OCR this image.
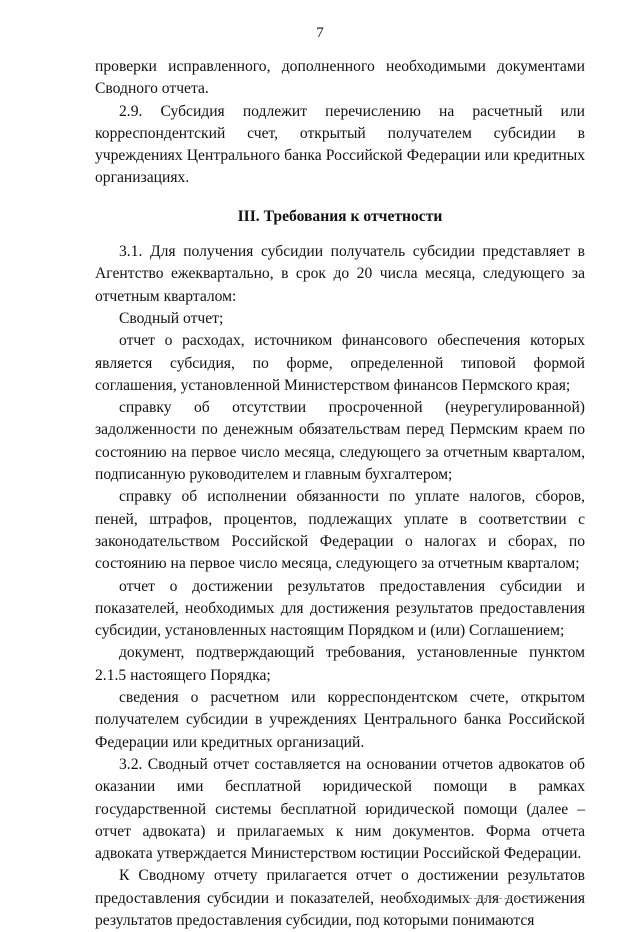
7

проверки исправленного, дополненного необходимыми документами Сводного отчета.

2.9. Субсидия подлежит перечислению на расчетный или корреспондентский счет, открытый получателем субсидии в учреждениях Центрального банка Российской Федерации или кредитных организациях.

III. Требования к отчетности

3.1. Для получения субсидии получатель субсидии представляет в Агентство ежеквартально, в срок до 20 числа месяца, следующего за отчетным кварталом:

Сводный отчет;

отчет о расходах, источником финансового обеспечения которых является субсидия, по форме, определенной типовой формой соглашения, установленной Министерством финансов Пермского края;

справку об отсутствии просроченной (неурегулированной) задолженности по денежным обязательствам перед Пермским краем по состоянию на первое число месяца, следующего за отчетным кварталом, подписанную руководителем и главным бухгалтером;

справку об исполнении обязанности по уплате налогов, сборов, пеней, штрафов, процентов, подлежащих уплате в соответствии с законодательством Российской Федерации о налогах и сборах, по состоянию на первое число месяца, следующего за отчетным кварталом;

отчет о достижении результатов предоставления субсидии и показателей, необходимых для достижения результатов предоставления субсидии, установленных настоящим Порядком и (или) Соглашением;

документ, подтверждающий требования, установленные пунктом 2.1.5 настоящего Порядка;

сведения о расчетном или корреспондентском счете, открытом получателем субсидии в учреждениях Центрального банка Российской Федерации или кредитных организаций.

3.2. Сводный отчет составляется на основании отчетов адвокатов об оказании ими бесплатной юридической помощи в рамках государственной системы бесплатной юридической помощи (далее – отчет адвоката) и прилагаемых к ним документов. Форма отчета адвоката утверждается Министерством юстиции Российской Федерации.

К Сводному отчету прилагается отчет о достижении результатов предоставления субсидии и показателей, необходимых для достижения результатов предоставления субсидии, под которыми понимаются
